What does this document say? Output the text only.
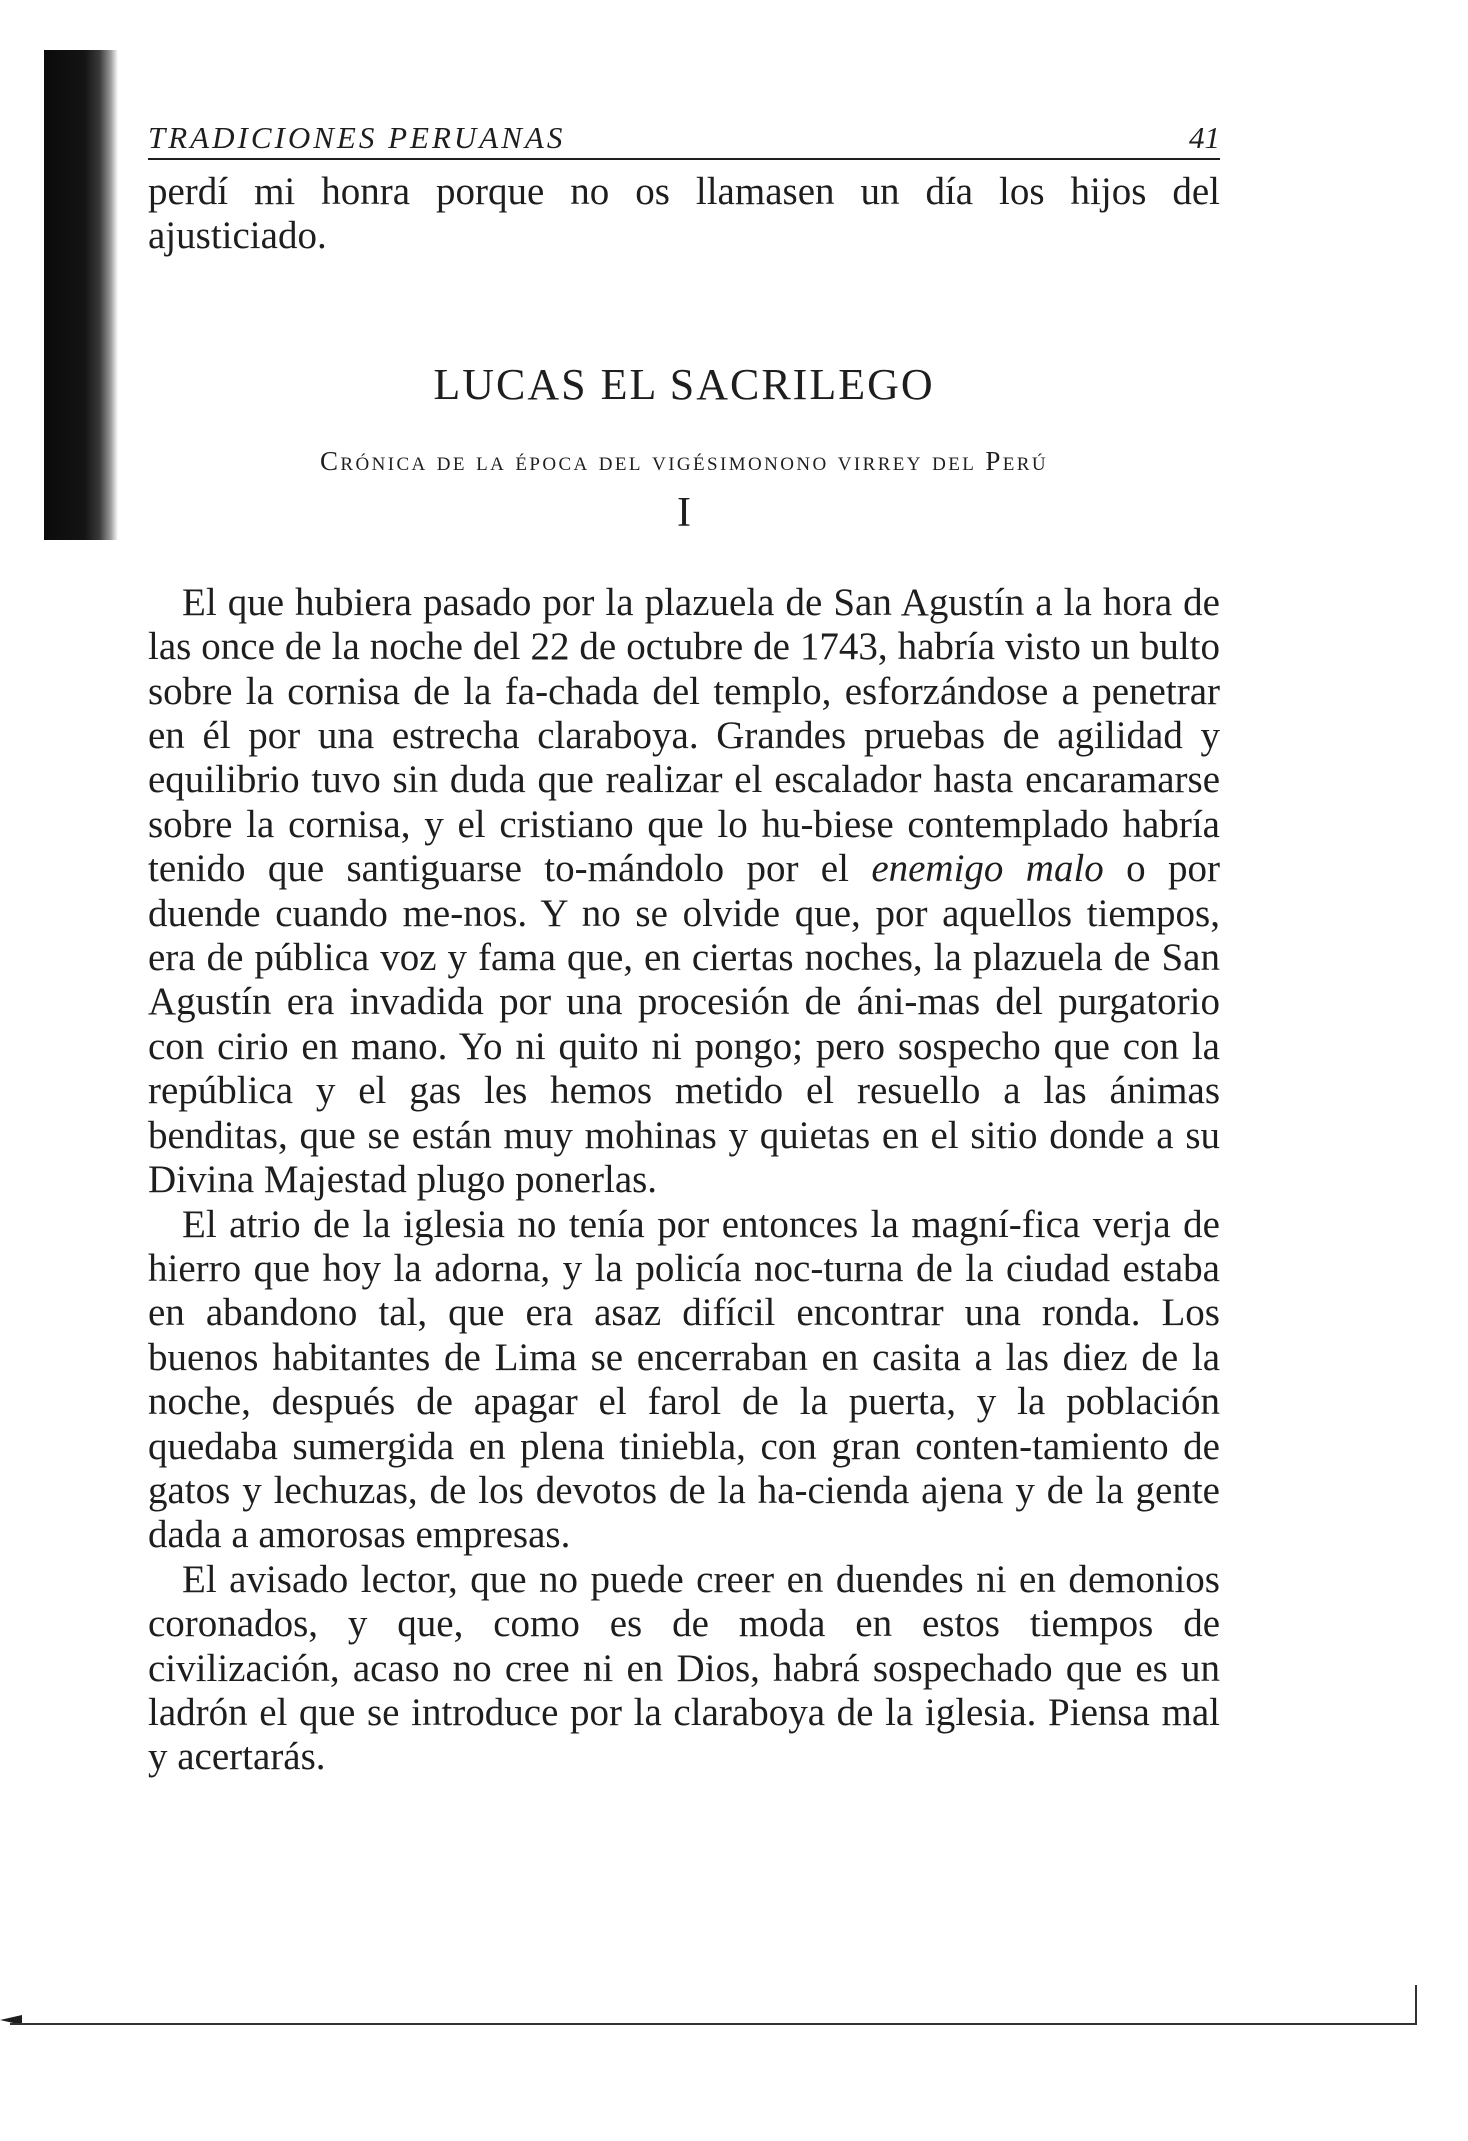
TRADICIONES PERUANAS	41

perdí mi honra porque no os llamasen un día los hijos del ajusticiado.

LUCAS EL SACRILEGO
Crónica de la época del vigésimonono virrey del Perú
I

El que hubiera pasado por la plazuela de San Agustín a la hora de las once de la noche del 22 de octubre de 1743, habría visto un bulto sobre la cornisa de la fa-chada del templo, esforzándose a penetrar en él por una estrecha claraboya. Grandes pruebas de agilidad y equilibrio tuvo sin duda que realizar el escalador hasta encaramarse sobre la cornisa, y el cristiano que lo hu-biese contemplado habría tenido que santiguarse to-mándolo por el enemigo malo o por duende cuando me-nos. Y no se olvide que, por aquellos tiempos, era de pública voz y fama que, en ciertas noches, la plazuela de San Agustín era invadida por una procesión de áni-mas del purgatorio con cirio en mano. Yo ni quito ni pongo; pero sospecho que con la república y el gas les hemos metido el resuello a las ánimas benditas, que se están muy mohinas y quietas en el sitio donde a su Divina Majestad plugo ponerlas.

El atrio de la iglesia no tenía por entonces la magní-fica verja de hierro que hoy la adorna, y la policía noc-turna de la ciudad estaba en abandono tal, que era asaz difícil encontrar una ronda. Los buenos habitantes de Lima se encerraban en casita a las diez de la noche, después de apagar el farol de la puerta, y la población quedaba sumergida en plena tiniebla, con gran conten-tamiento de gatos y lechuzas, de los devotos de la ha-cienda ajena y de la gente dada a amorosas empresas.

El avisado lector, que no puede creer en duendes ni en demonios coronados, y que, como es de moda en estos tiempos de civilización, acaso no cree ni en Dios, habrá sospechado que es un ladrón el que se introduce por la claraboya de la iglesia. Piensa mal y acertarás.
